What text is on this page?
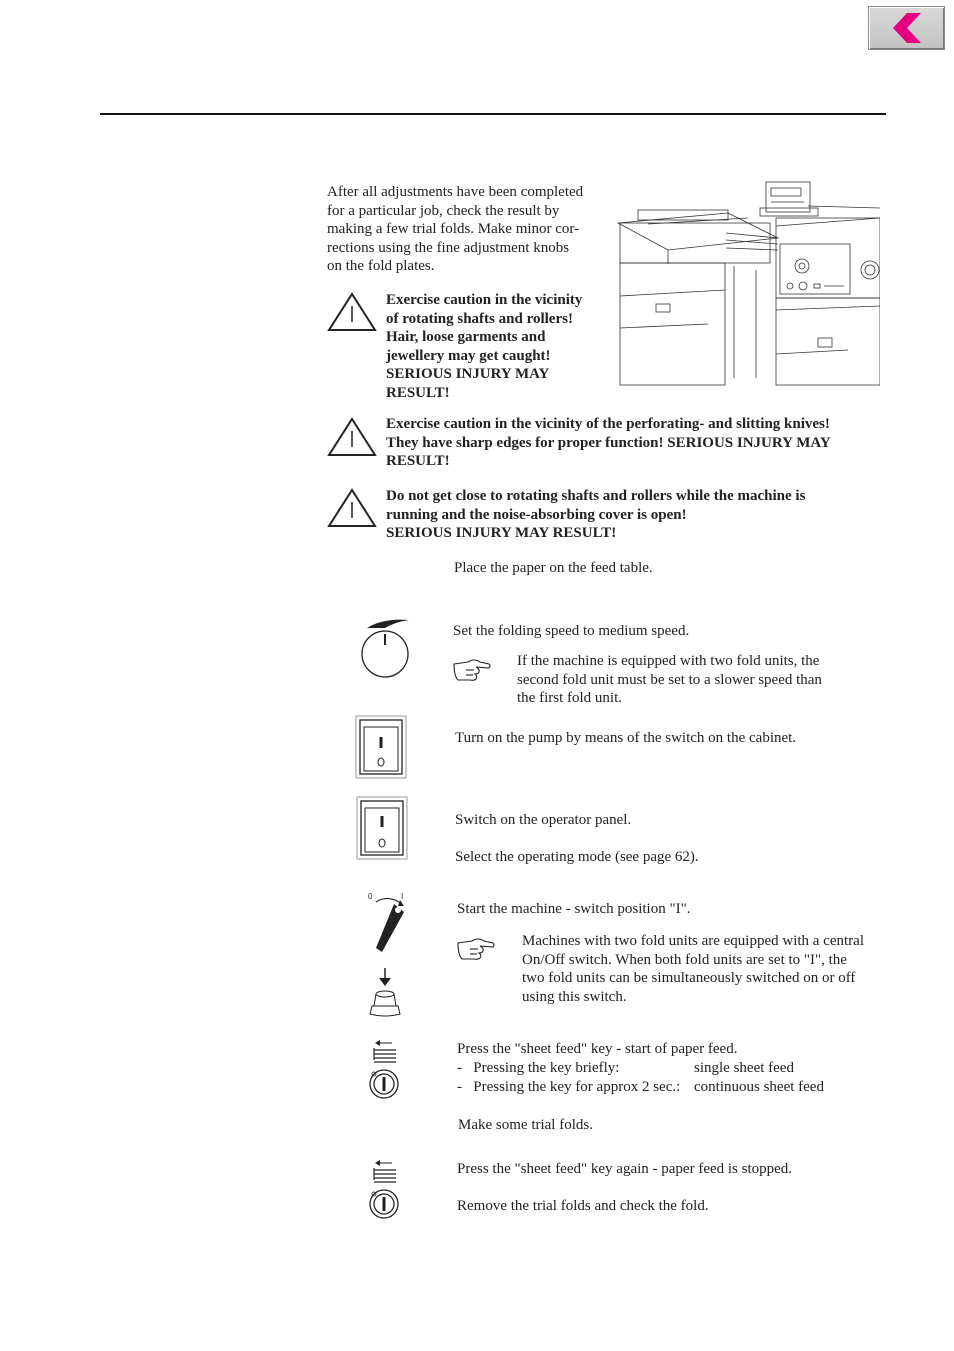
After all adjustments have been completed
for a particular job, check the result by
making a few trial folds. Make minor cor-
rections using the fine adjustment knobs
on the fold plates.
Exercise caution in the vicinity
of rotating shafts and rollers!
Hair, loose garments and
jewellery may get caught!
SERIOUS INJURY MAY
RESULT!
Exercise caution in the vicinity of the perforating- and slitting knives!
They have sharp edges for proper function! SERIOUS INJURY MAY
RESULT!
Do not get close to rotating shafts and rollers while the machine is
running and the noise-absorbing cover is open!
SERIOUS INJURY MAY RESULT!
Place the paper on the feed table.
Set the folding speed to medium speed.
If the machine is equipped with two fold units, the
second fold unit must be set to a slower speed than
the first fold unit.
Turn on the pump by means of the switch on the cabinet.
Switch on the operator panel.
Select the operating mode (see page 62).
0	I
Start the machine - switch position "I".
Machines with two fold units are equipped with a central
On/Off switch. When both fold units are set to "I", the
two fold units can be simultaneously switched on or off
using this switch.
Press the "sheet feed" key - start of paper feed.
-   Pressing the key briefly:	single sheet feed
-   Pressing the key for approx 2 sec.: continuous sheet feed
Make some trial folds.
Press the "sheet feed" key again - paper feed is stopped.
Remove the trial folds and check the fold.
